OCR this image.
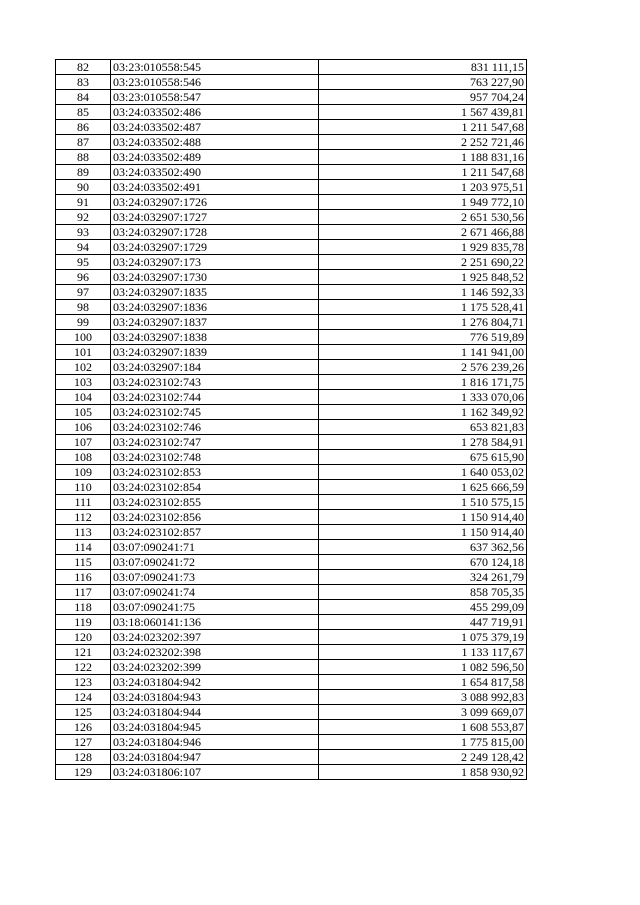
82	03:23:010558:545	831 111,15
83	03:23:010558:546	763 227,90
84	03:23:010558:547	957 704,24
85	03:24:033502:486	1 567 439,81
86	03:24:033502:487	1 211 547,68
87	03:24:033502:488	2 252 721,46
88	03:24:033502:489	1 188 831,16
89	03:24:033502:490	1 211 547,68
90	03:24:033502:491	1 203 975,51
91	03:24:032907:1726	1 949 772,10
92	03:24:032907:1727	2 651 530,56
93	03:24:032907:1728	2 671 466,88
94	03:24:032907:1729	1 929 835,78
95	03:24:032907:173	2 251 690,22
96	03:24:032907:1730	1 925 848,52
97	03:24:032907:1835	1 146 592,33
98	03:24:032907:1836	1 175 528,41
99	03:24:032907:1837	1 276 804,71
100	03:24:032907:1838	776 519,89
101	03:24:032907:1839	1 141 941,00
102	03:24:032907:184	2 576 239,26
103	03:24:023102:743	1 816 171,75
104	03:24:023102:744	1 333 070,06
105	03:24:023102:745	1 162 349,92
106	03:24:023102:746	653 821,83
107	03:24:023102:747	1 278 584,91
108	03:24:023102:748	675 615,90
109	03:24:023102:853	1 640 053,02
110	03:24:023102:854	1 625 666,59
111	03:24:023102:855	1 510 575,15
112	03:24:023102:856	1 150 914,40
113	03:24:023102:857	1 150 914,40
114	03:07:090241:71	637 362,56
115	03:07:090241:72	670 124,18
116	03:07:090241:73	324 261,79
117	03:07:090241:74	858 705,35
118	03:07:090241:75	455 299,09
119	03:18:060141:136	447 719,91
120	03:24:023202:397	1 075 379,19
121	03:24:023202:398	1 133 117,67
122	03:24:023202:399	1 082 596,50
123	03:24:031804:942	1 654 817,58
124	03:24:031804:943	3 088 992,83
125	03:24:031804:944	3 099 669,07
126	03:24:031804:945	1 608 553,87
127	03:24:031804:946	1 775 815,00
128	03:24:031804:947	2 249 128,42
129	03:24:031806:107	1 858 930,92
